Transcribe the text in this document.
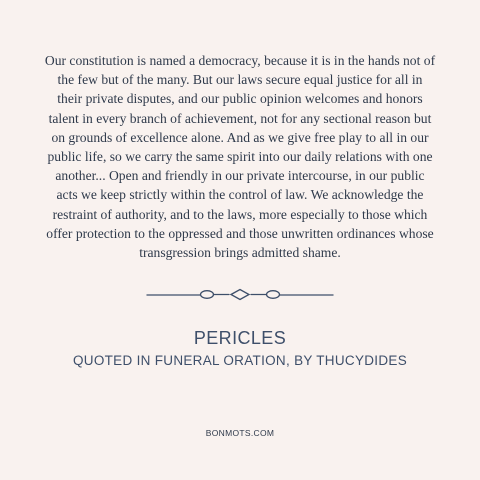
Our constitution is named a democracy, because it is in the hands not of the few but of the many. But our laws secure equal justice for all in their private disputes, and our public opinion welcomes and honors talent in every branch of achievement, not for any sectional reason but on grounds of excellence alone. And as we give free play to all in our public life, so we carry the same spirit into our daily relations with one another... Open and friendly in our private intercourse, in our public acts we keep strictly within the control of law. We acknowledge the restraint of authority, and to the laws, more especially to those which offer protection to the oppressed and those unwritten ordinances whose transgression brings admitted shame.

PERICLES
QUOTED IN FUNERAL ORATION, BY THUCYDIDES
BONMOTS.COM
